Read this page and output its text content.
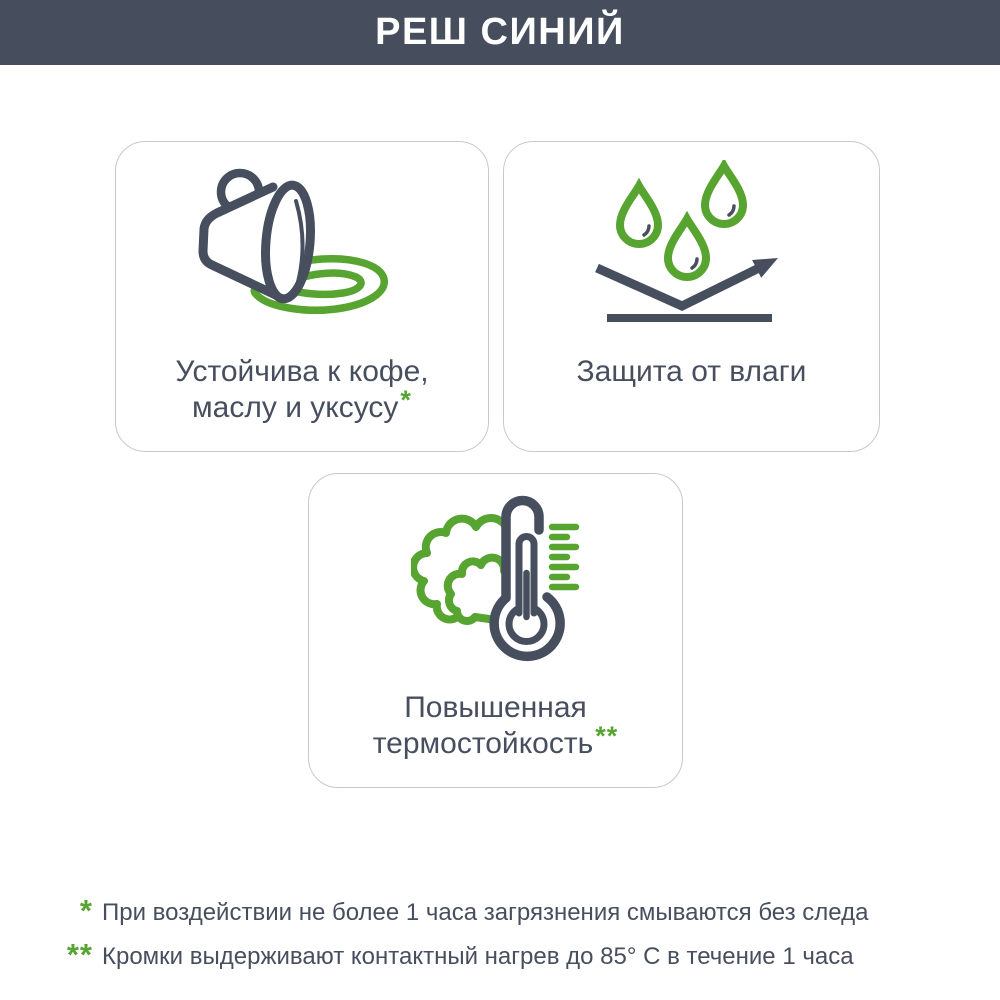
РЕШ СИНИЙ

Устойчива к кофе,
маслу и уксусу*

Защита от влаги

Повышенная
термостойкость**

* При воздействии не более 1 часа загрязнения смываются без следа
** Кромки выдерживают контактный нагрев до 85° C в течение 1 часа
